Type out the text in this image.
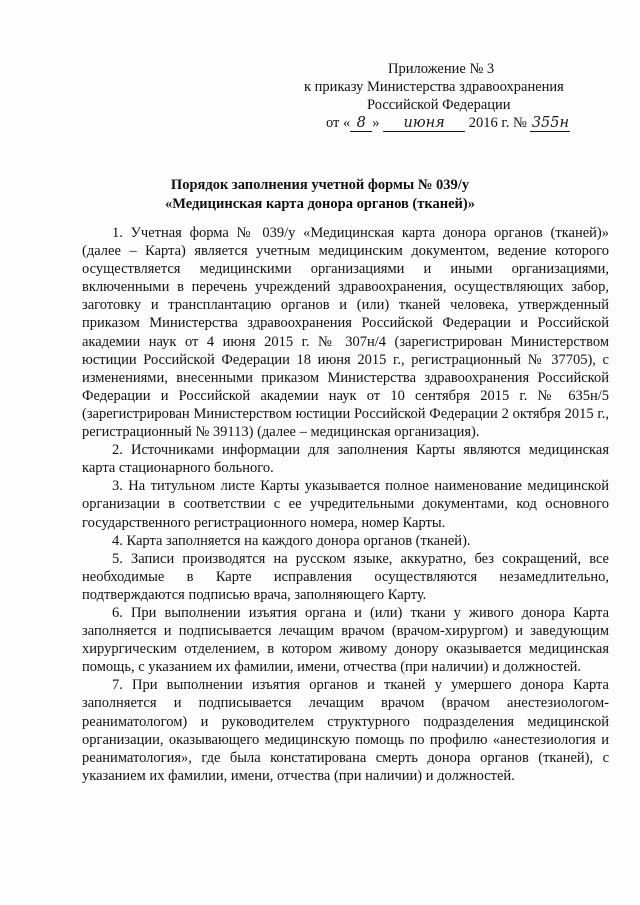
Приложение № 3
к приказу Министерства здравоохранения
Российской Федерации
от « 8 » июня 2016 г. № 355н
Порядок заполнения учетной формы № 039/у
«Медицинская карта донора органов (тканей)»

1. Учетная форма № 039/у «Медицинская карта донора органов (тканей)» (далее – Карта) является учетным медицинским документом, ведение которого осуществляется медицинскими организациями и иными организациями, включенными в перечень учреждений здравоохранения, осуществляющих забор, заготовку и трансплантацию органов и (или) тканей человека, утвержденный приказом Министерства здравоохранения Российской Федерации и Российской академии наук от 4 июня 2015 г. № 307н/4 (зарегистрирован Министерством юстиции Российской Федерации 18 июня 2015 г., регистрационный № 37705), с изменениями, внесенными приказом Министерства здравоохранения Российской Федерации и Российской академии наук от 10 сентября 2015 г. № 635н/5 (зарегистрирован Министерством юстиции Российской Федерации 2 октября 2015 г., регистрационный № 39113) (далее – медицинская организация).

2. Источниками информации для заполнения Карты являются медицинская карта стационарного больного.

3. На титульном листе Карты указывается полное наименование медицинской организации в соответствии с ее учредительными документами, код основного государственного регистрационного номера, номер Карты.

4. Карта заполняется на каждого донора органов (тканей).

5. Записи производятся на русском языке, аккуратно, без сокращений, все необходимые в Карте исправления осуществляются незамедлительно, подтверждаются подписью врача, заполняющего Карту.

6. При выполнении изъятия органа и (или) ткани у живого донора Карта заполняется и подписывается лечащим врачом (врачом-хирургом) и заведующим хирургическим отделением, в котором живому донору оказывается медицинская помощь, с указанием их фамилии, имени, отчества (при наличии) и должностей.

7. При выполнении изъятия органов и тканей у умершего донора Карта заполняется и подписывается лечащим врачом (врачом анестезиологом-реаниматологом) и руководителем структурного подразделения медицинской организации, оказывающего медицинскую помощь по профилю «анестезиология и реаниматология», где была констатирована смерть донора органов (тканей), с указанием их фамилии, имени, отчества (при наличии) и должностей.
